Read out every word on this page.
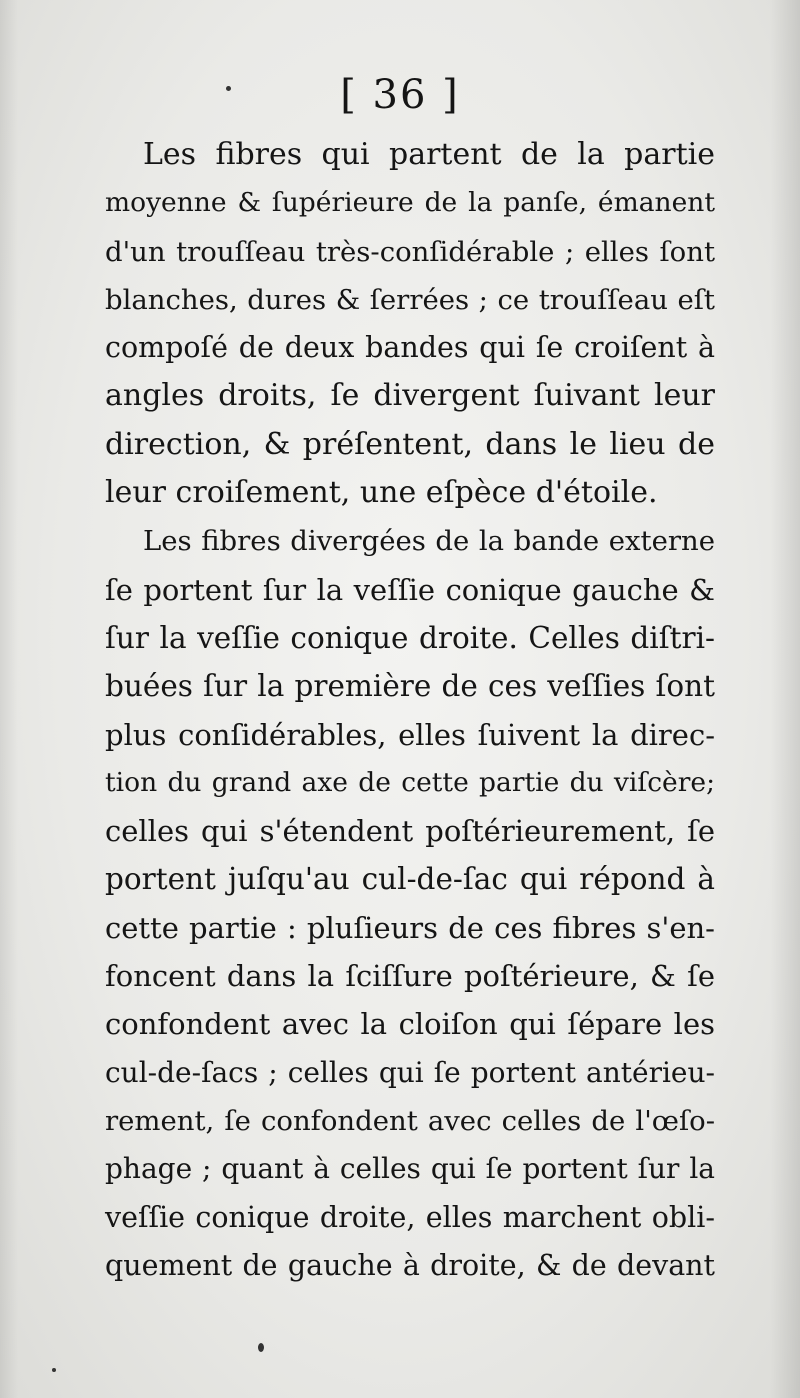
[ 36 ]
Les fibres qui partent de la partie
moyenne & ſupérieure de la panſe, émanent
d'un trouſſeau très-conſidérable ; elles ſont
blanches, dures & ſerrées ; ce trouſſeau eſt
compoſé de deux bandes qui ſe croiſent à
angles droits, ſe divergent ſuivant leur
direction, & préſentent, dans le lieu de
leur croiſement, une eſpèce d'étoile.
Les fibres divergées de la bande externe
ſe portent ſur la veſſie conique gauche &
ſur la veſſie conique droite. Celles diſtri-
buées ſur la première de ces veſſies ſont
plus conſidérables, elles ſuivent la direc-
tion du grand axe de cette partie du viſcère;
celles qui s'étendent poſtérieurement, ſe
portent juſqu'au cul-de-ſac qui répond à
cette partie : pluſieurs de ces fibres s'en-
foncent dans la ſciſſure poſtérieure, & ſe
confondent avec la cloiſon qui ſépare les
cul-de-ſacs ; celles qui ſe portent antérieu-
rement, ſe confondent avec celles de l'œſo-
phage ; quant à celles qui ſe portent ſur la
veſſie conique droite, elles marchent obli-
quement de gauche à droite, & de devant
